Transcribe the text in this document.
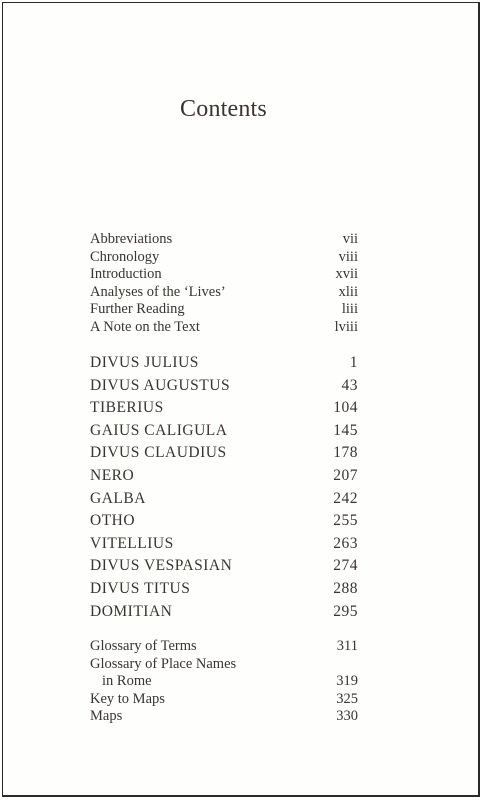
Contents
Abbreviations	vii
Chronology	viii
Introduction	xvii
Analyses of the ‘Lives’	xlii
Further Reading	liii
A Note on the Text	lviii
DIVUS JULIUS	1
DIVUS AUGUSTUS	43
TIBERIUS	104
GAIUS CALIGULA	145
DIVUS CLAUDIUS	178
NERO	207
GALBA	242
OTHO	255
VITELLIUS	263
DIVUS VESPASIAN	274
DIVUS TITUS	288
DOMITIAN	295
Glossary of Terms	311
Glossary of Place Names
in Rome	319
Key to Maps	325
Maps	330
